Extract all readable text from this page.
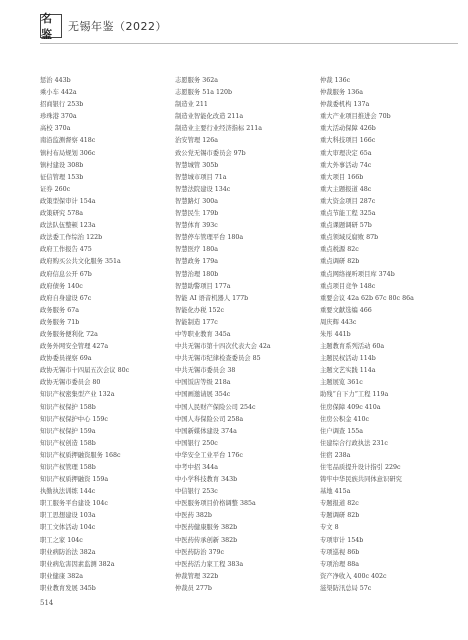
名鉴
无锡年鉴（2022）
惩治 443b
乘小车 442a
招商银行 253b
珍珠港 370a
高校 370a
南沿监测督察 418c
镇村布局规划 306c
镇村建设 308b
征信管理 153b
证券 260c
政策型保审计 154a
政策研究 578a
政法队伍整顿 123a
政法委工作综治 122b
政府工作报告 475
政府购买公共文化服务 351a
政府信息公开 67b
政府债务 140c
政府自身建设 67c
政务服务 67a
政务服务 71b
政务服务便利化 72a
政务外网安全管理 427a
政协委员视察 69a
政协无锡市十四届五次会议 80c
政协无锡市委员会 80
知识产权密集型产业 132a
知识产权保护 158b
知识产权保护中心 159c
知识产权保护 159a
知识产权创造 158b
知识产权质押融资服务 168c
知识产权管理 158b
知识产权质押融资 159a
执勤执法训练 144c
职工服务平台建设 104c
职工思想建设 103a
职工文体活动 104c
职工之家 104c
职业病防治法 382a
职业病危害因素监测 382a
职业健康 382a
职业教育发展 345b
志愿服务 362a
志愿服务 51a 120b
制造业 211
制造业智能化改造 211a
制造业主要行业经济指标 211a
治安管理 126a
致公党无锡市委员会 97b
智慧城管 305b
智慧城市项目 71a
智慧法院建设 134c
智慧路灯 300a
智慧民生 179b
智慧体育 393c
智慧停车管理平台 180a
智慧医疗 180a
智慧政务 179a
智慧治理 180b
智慧助警项目 177a
智能 AI 语音机器人 177b
智能化办税 152c
智能制造 177c
中等职业教育 345a
中共无锡市第十四次代表大会 42a
中共无锡市纪律检查委员会 85
中共无锡市委员会 38
中国饭店等级 218a
中国画邀请展 354c
中国人民财产保险公司 254c
中国人寿保险公司 258a
中国新媒体建设 374a
中国银行 250c
中华安全工业平台 176c
中考中招 344a
中小学科技教育 343b
中信银行 253c
中医服务项目价格调整 385a
中医药 382b
中医药健康服务 382b
中医药传承创新 382b
中医药防治 379c
中医药活力家工程 383a
仲裁管理 322b
仲裁员 277b
仲裁 136c
仲裁服务 136a
仲裁委机构 137a
重大产业项目推进会 70b
重大活动保障 426b
重大科技项目 166c
重大审理决定 65a
重大外事活动 74c
重大项目 166b
重大主题报道 48c
重大资金项目 287c
重点节能工程 325a
重点课题调研 57b
重点领域反腐败 87b
重点税源 82c
重点调研 82b
重点网络视听项目库 374b
重点项目竞争 148c
重要会议 42a 62b 67c 80c 86a
重要文献选编 466
周庆辉 443c
朱彤 441b
主题教育系列活动 60a
主题民权活动 114b
主题文艺实践 114a
主题展览 361c
助残“自下力”工程 119a
住房保障 409c 410a
住房公积金 410c
住户调查 155a
住建综合行政执法 231c
住宿 238a
住宅品质提升设计指引 229c
铸牢中华民族共同体意识研究
基地 415a
专题报道 82c
专题调研 82b
专文 8
专项审计 154b
专项巡视 86b
专项治理 88a
资产净收入 400c 402c
滋渠防汛总局 57c
514
